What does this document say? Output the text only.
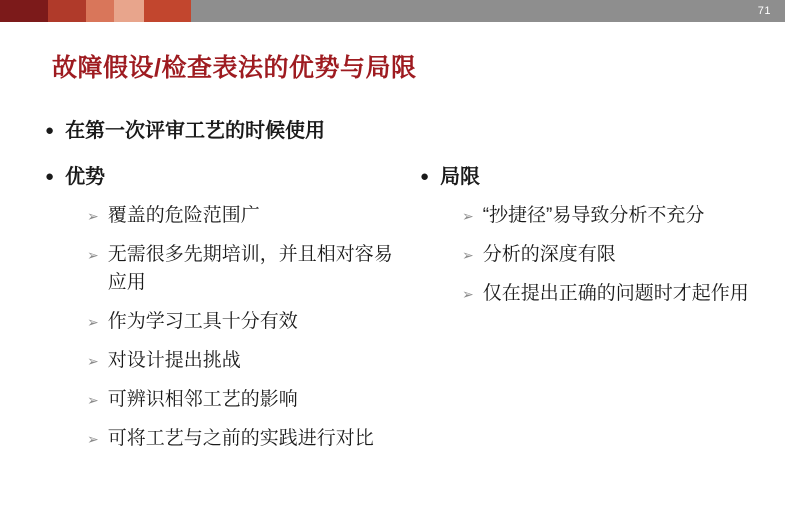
71
故障假设/检查表法的优势与局限
● 在第一次评审工艺的时候使用
● 优势
➢ 覆盖的危险范围广
➢ 无需很多先期培训，并且相对容易应用
➢ 作为学习工具十分有效
➢ 对设计提出挑战
➢ 可辨识相邻工艺的影响
➢ 可将工艺与之前的实践进行对比
● 局限
➢ “抄捷径”易导致分析不充分
➢ 分析的深度有限
➢ 仅在提出正确的问题时才起作用
